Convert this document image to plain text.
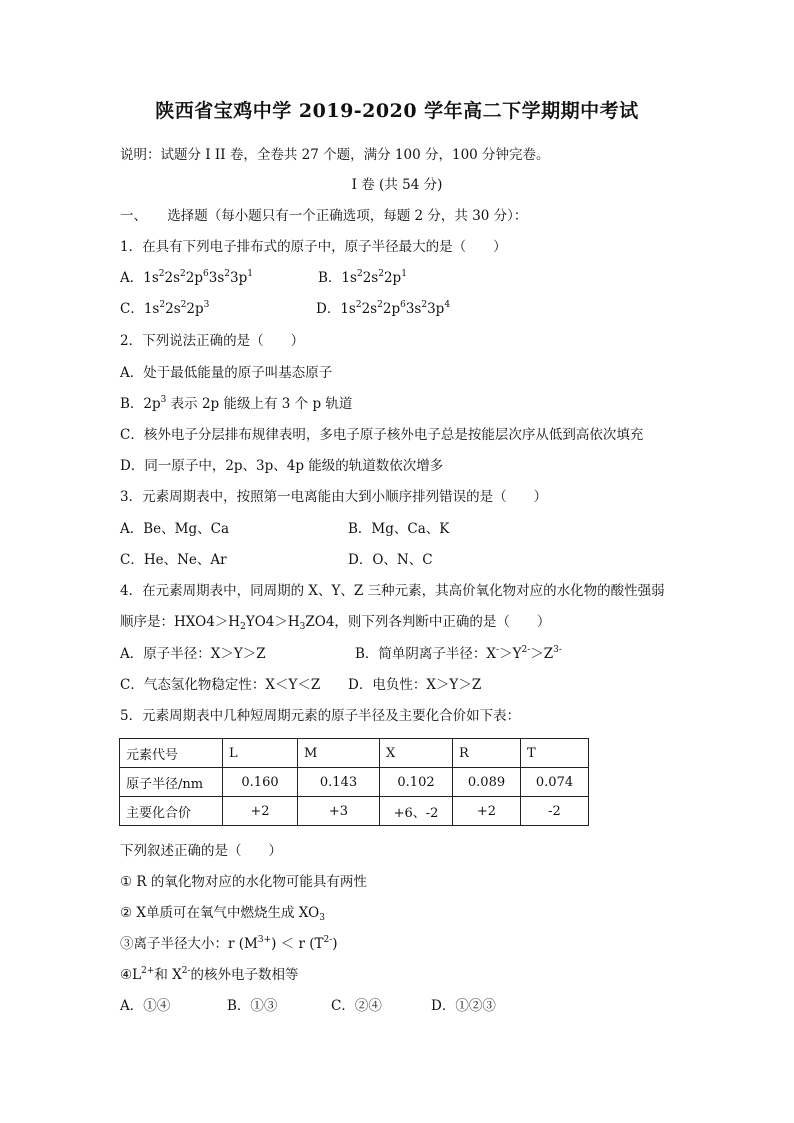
陕西省宝鸡中学 2019-2020 学年高二下学期期中考试
说明：试题分 I II 卷，全卷共 27 个题，满分 100 分，100 分钟完卷。
I 卷 (共 54 分)
一、　　选择题（每小题只有一个正确选项，每题 2 分，共 30 分）：
1．在具有下列电子排布式的原子中，原子半径最大的是（　　）
A．$1s^22s^22p^63s^23p^1$	B．$1s^22s^22p^1$
C．$1s^22s^22p^3$	D．$1s^22s^22p^63s^23p^4$
2．下列说法正确的是（　　）
A．处于最低能量的原子叫基态原子
B．$2p^3$ 表示 2p 能级上有 3 个 p 轨道
C．核外电子分层排布规律表明，多电子原子核外电子总是按能层次序从低到高依次填充
D．同一原子中，2p、3p、4p 能级的轨道数依次增多
3．元素周期表中，按照第一电离能由大到小顺序排列错误的是（　　）
A．Be、Mg、Ca	B．Mg、Ca、K
C．He、Ne、Ar	D．O、N、C
4．在元素周期表中，同周期的 X、Y、Z 三种元素，其高价氧化物对应的水化物的酸性强弱
顺序是：$HXO4>H_2YO4>H_3ZO4$，则下列各判断中正确的是（　　）
A．原子半径：X＞Y＞Z	B．简单阴离子半径：$X^->Y^{2-}>Z^{3-}$
C．气态氢化物稳定性：X＜Y＜Z D．电负性：X＞Y＞Z
5．元素周期表中几种短周期元素的原子半径及主要化合价如下表：
元素代号	L	M	X	R	T
原子半径/nm	0.160	0.143	0.102	0.089	0.074
主要化合价	+2	+3	+6、-2	+2	-2
下列叙述正确的是（　　）
① R 的氧化物对应的水化物可能具有两性
② X单质可在氧气中燃烧生成 $XO_3$
③离子半径大小：r $(M^{3+}) < r$ $(T^{2-})$
$④L^{2+}$和 $X^{2-}$的核外电子数相等
A．①④	B．①③	C．②④	D．①②③
